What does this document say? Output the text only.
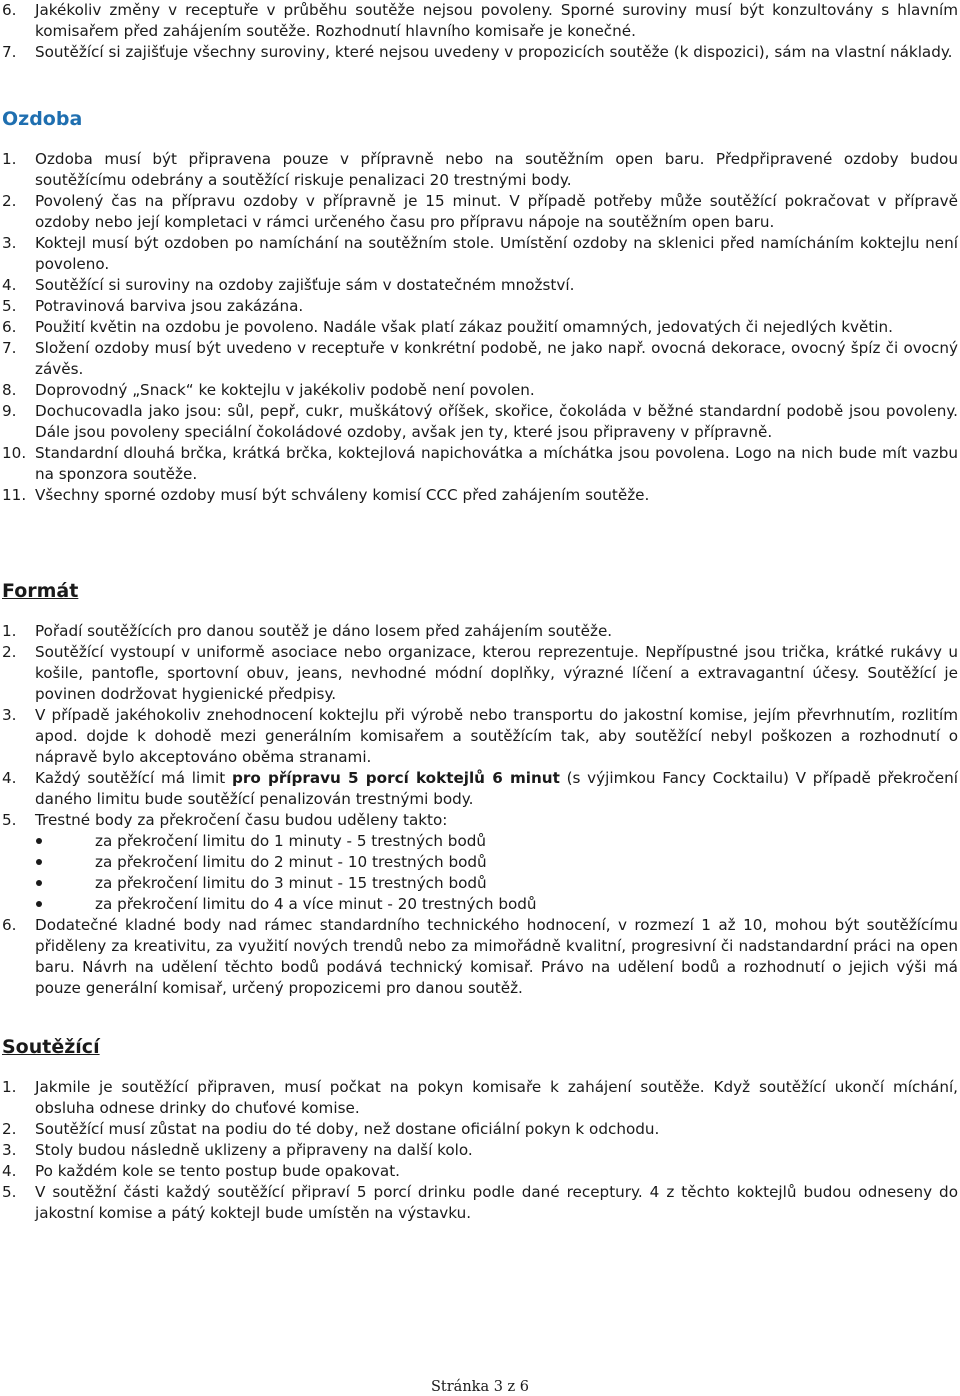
6.	Jakékoliv změny v receptuře v průběhu soutěže nejsou povoleny. Sporné suroviny musí být konzultovány s hlavním komisařem před zahájením soutěže. Rozhodnutí hlavního komisaře je konečné.
7.	Soutěžící si zajišťuje všechny suroviny, které nejsou uvedeny v propozicích soutěže (k dispozici), sám na vlastní náklady.
Ozdoba
1.	Ozdoba musí být připravena pouze v přípravně nebo na soutěžním open baru. Předpřipravené ozdoby budou soutěžícímu odebrány a soutěžící riskuje penalizaci 20 trestnými body.
2.	Povolený čas na přípravu ozdoby v přípravně je 15 minut. V případě potřeby může soutěžící pokračovat v přípravě ozdoby nebo její kompletaci v rámci určeného času pro přípravu nápoje na soutěžním open baru.
3.	Koktejl musí být ozdoben po namíchání na soutěžním stole. Umístění ozdoby na sklenici před namícháním koktejlu není povoleno.
4.	Soutěžící si suroviny na ozdoby zajišťuje sám v dostatečném množství.
5.	Potravinová barviva jsou zakázána.
6.	Použití květin na ozdobu je povoleno. Nadále však platí zákaz použití omamných, jedovatých či nejedlých květin.
7.	Složení ozdoby musí být uvedeno v receptuře v konkrétní podobě, ne jako např. ovocná dekorace, ovocný špíz či ovocný závěs.
8.	Doprovodný „Snack“ ke koktejlu v jakékoliv podobě není povolen.
9.	Dochucovadla jako jsou: sůl, pepř, cukr, muškátový oříšek, skořice, čokoláda v běžné standardní podobě jsou povoleny. Dále jsou povoleny speciální čokoládové ozdoby, avšak jen ty, které jsou připraveny v přípravně.
10. Standardní dlouhá brčka, krátká brčka, koktejlová napichovátka a míchátka jsou povolena. Logo na nich bude mít vazbu na sponzora soutěže.
11. Všechny sporné ozdoby musí být schváleny komisí CCC před zahájením soutěže.
Formát
1.	Pořadí soutěžících pro danou soutěž je dáno losem před zahájením soutěže.
2.	Soutěžící vystoupí v uniformě asociace nebo organizace, kterou reprezentuje. Nepřípustné jsou trička, krátké rukávy u košile, pantofle, sportovní obuv, jeans, nevhodné módní doplňky, výrazné líčení a extravagantní účesy. Soutěžící je povinen dodržovat hygienické předpisy.
3.	V případě jakéhokoliv znehodnocení koktejlu při výrobě nebo transportu do jakostní komise, jejím převrhnutím, rozlitím apod. dojde k dohodě mezi generálním komisařem a soutěžícím tak, aby soutěžící nebyl poškozen a rozhodnutí o nápravě bylo akceptováno oběma stranami.
4.	Každý soutěžící má limit pro přípravu 5 porcí koktejlů 6 minut (s výjimkou Fancy Cocktailu) V případě překročení daného limitu bude soutěžící penalizován trestnými body.
5.	Trestné body za překročení času budou uděleny takto:
za překročení limitu do 1 minuty - 5 trestných bodů
za překročení limitu do 2 minut - 10 trestných bodů
za překročení limitu do 3 minut - 15 trestných bodů
za překročení limitu do 4 a více minut - 20 trestných bodů
6.	Dodatečné kladné body nad rámec standardního technického hodnocení, v rozmezí 1 až 10, mohou být soutěžícímu přiděleny za kreativitu, za využití nových trendů nebo za mimořádně kvalitní, progresivní či nadstandardní práci na open baru. Návrh na udělení těchto bodů podává technický komisař. Právo na udělení bodů a rozhodnutí o jejich výši má pouze generální komisař, určený propozicemi pro danou soutěž.
Soutěžící
1.	Jakmile je soutěžící připraven, musí počkat na pokyn komisaře k zahájení soutěže. Když soutěžící ukončí míchání, obsluha odnese drinky do chuťové komise.
2.	Soutěžící musí zůstat na podiu do té doby, než dostane oficiální pokyn k odchodu.
3.	Stoly budou následně uklizeny a připraveny na další kolo.
4.	Po každém kole se tento postup bude opakovat.
5.	V soutěžní části každý soutěžící připraví 5 porcí drinku podle dané receptury. 4 z těchto koktejlů budou odneseny do jakostní komise a pátý koktejl bude umístěn na výstavku.
Stránka 3 z 6
